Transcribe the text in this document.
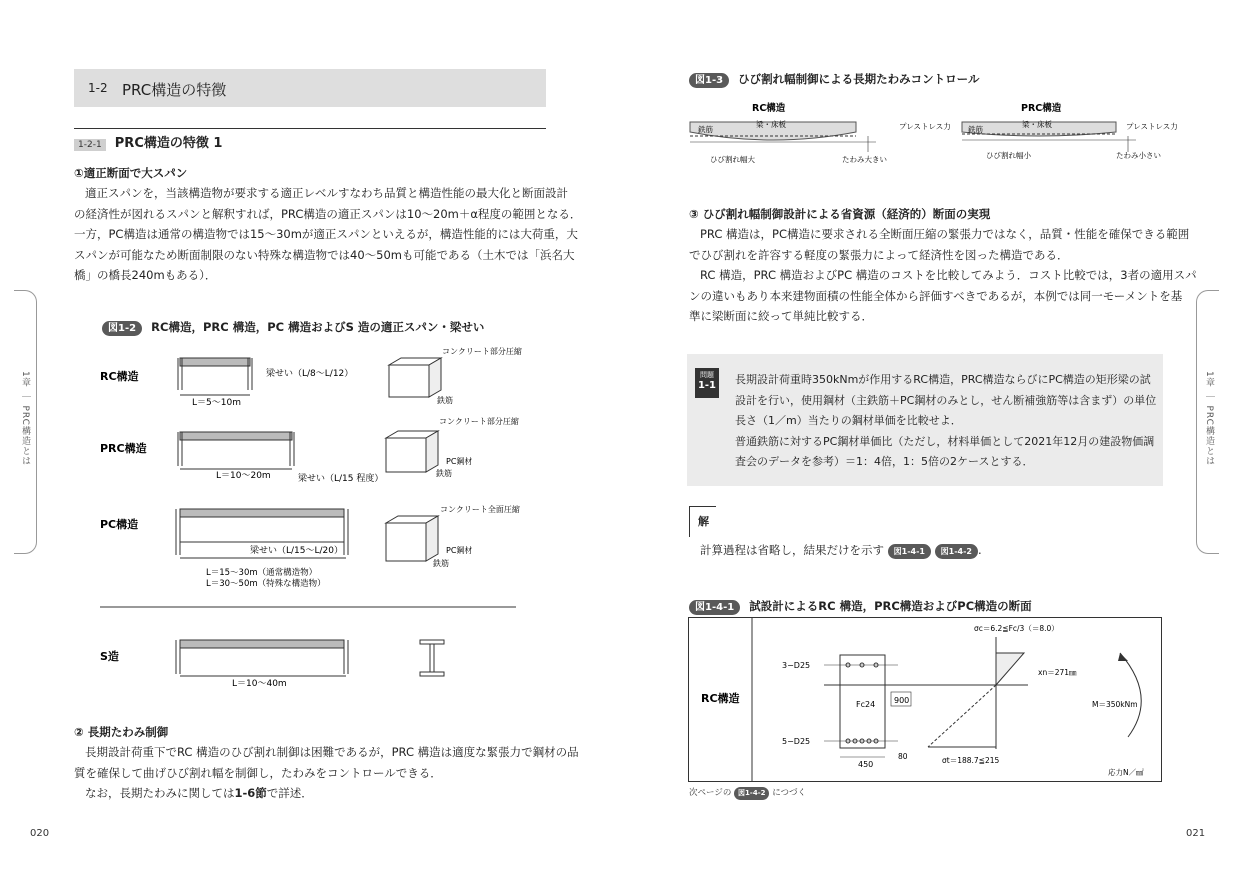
1-2 PRC構造の特徴
1-2-1 PRC構造の特徴 1
①適正断面で大スパン
適正スパンを，当該構造物が要求する適正レベルすなわち品質と構造性能の最大化と断面設計
の経済性が図れるスパンと解釈すれば，PRC構造の適正スパンは10〜20m＋α程度の範囲となる．
一方，PC構造は通常の構造物では15〜30mが適正スパンといえるが，構造性能的には大荷重，大
スパンが可能なため断面制限のない特殊な構造物では40〜50mも可能である（土木では「浜名大
橋」の橋長240mもある）．
図1-2 RC構造，PRC 構造，PC 構造およびS 造の適正スパン・梁せい
RC構造
L＝5〜10m
梁せい（L/8〜L/12）
コンクリート部分圧縮
鉄筋
PRC構造
L＝10〜20m	梁せい（L/15 程度）
コンクリート部分圧縮
PC鋼材
鉄筋
PC構造
梁せい（L/15〜L/20）
L＝15〜30m（通常構造物）
L＝30〜50m（特殊な構造物）
コンクリート全面圧縮
PC鋼材
鉄筋
S造
L＝10〜40m
② 長期たわみ制御
長期設計荷重下でRC 構造のひび割れ制御は困難であるが，PRC 構造は適度な緊張力で鋼材の品
質を確保して曲げひび割れ幅を制御し，たわみをコントロールできる．
なお，長期たわみに関しては1-6節で詳述．
1章 ｜ PRC構造とは
020
図1-3 ひび割れ幅制御による長期たわみコントロール
RC構造
鉄筋
梁・床板
ひび割れ幅大	たわみ大きい
PRC構造
プレストレス力	プレストレス力
鉄筋
梁・床板
ひび割れ幅小	たわみ小さい
③ ひび割れ幅制御設計による省資源（経済的）断面の実現
PRC 構造は，PC構造に要求される全断面圧縮の緊張力ではなく，品質・性能を確保できる範囲
でひび割れを許容する軽度の緊張力によって経済性を図った構造である．
RC 構造，PRC 構造およびPC 構造のコストを比較してみよう．コスト比較では，3者の適用スパ
ンの違いもあり本来建物面積の性能全体から評価すべきであるが，本例では同一モーメントを基
準に梁断面に絞って単純比較する．
問題
1-1 長期設計荷重時350kNmが作用するRC構造，PRC構造ならびにPC構造の矩形梁の試
設計を行い，使用鋼材（主鉄筋＋PC鋼材のみとし，せん断補強筋等は含まず）の単位
長さ（1／m）当たりの鋼材単価を比較せよ．
普通鉄筋に対するPC鋼材単価比（ただし，材料単価として2021年12月の建設物価調
査会のデータを参考）＝1：4倍，1：5倍の2ケースとする．
解
計算過程は省略し，結果だけを示す 図1-4-1 図1-4-2 .
図1-4-1 試設計によるRC 構造，PRC構造およびPC構造の断面
RC構造
3−D25
5−D25
Fc24 900
450
80
σc＝6.2≦Fc/3（＝8.0）
xn＝271㎜
M＝350kNm
σt＝188.7≦215
応力N／㎟
次ページの 図1-4-2 につづく
1章 ｜ PRC構造とは
021
